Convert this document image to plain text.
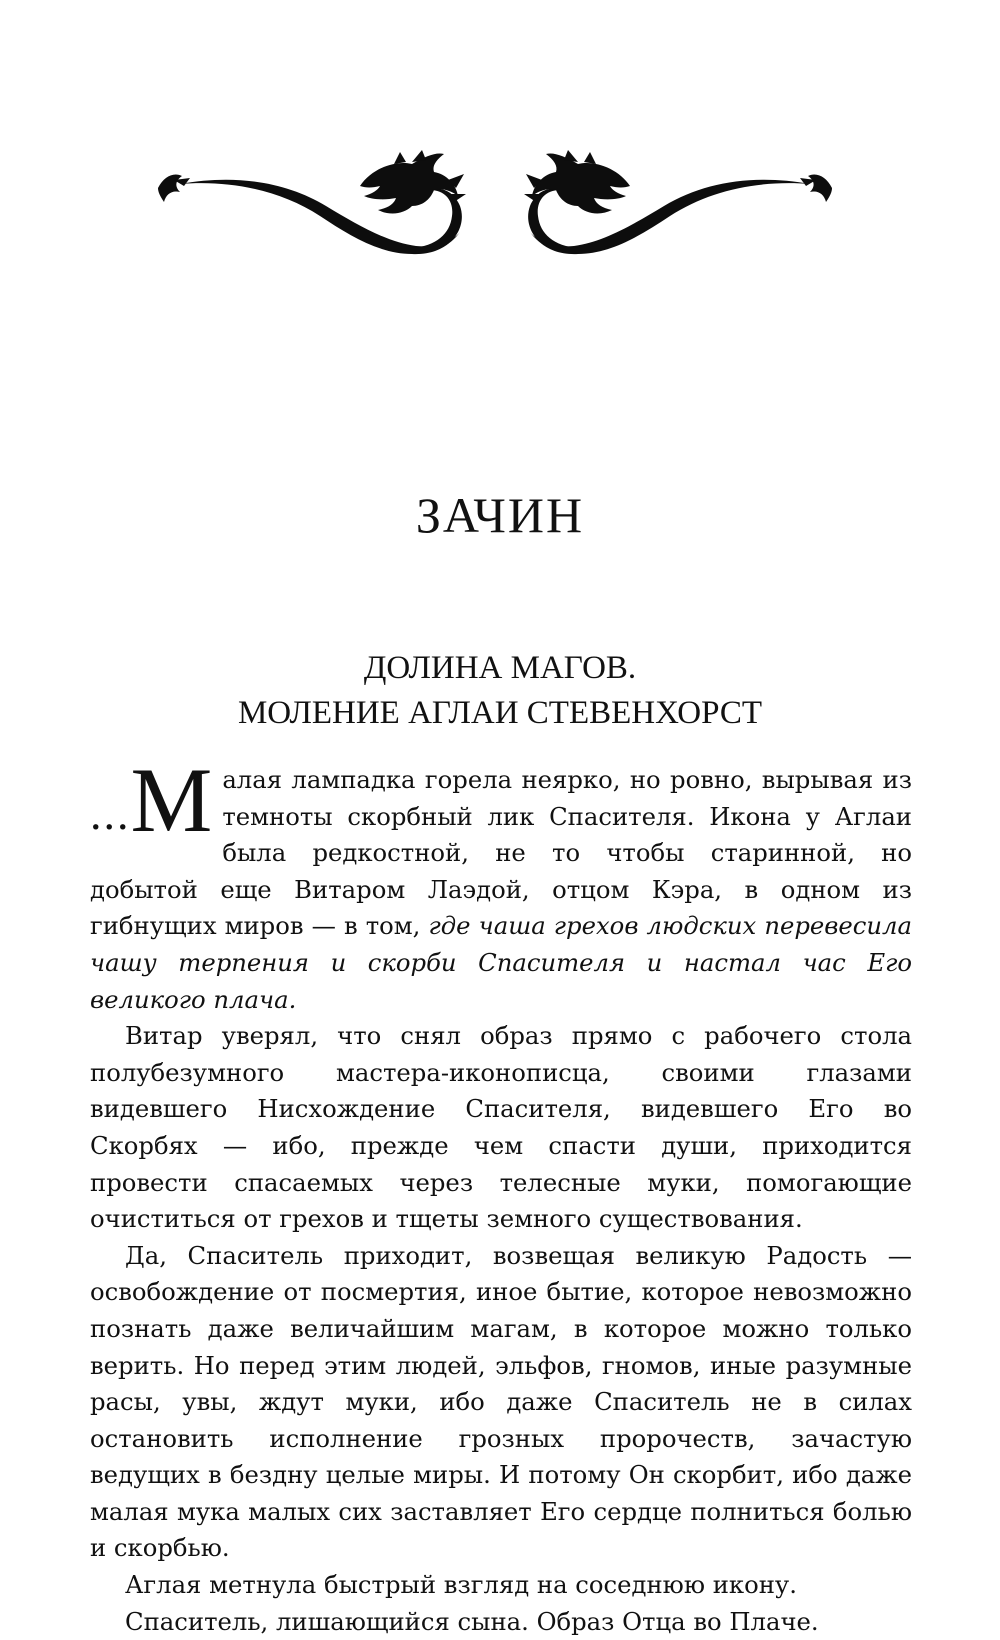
ЗАЧИН
ДОЛИНА МАГОВ.
МОЛЕНИЕ АГЛАИ СТЕВЕНХОРСТ

...М алая лампадка горела неярко, но ровно, вырывая из темноты скорбный лик Спасителя. Икона у Аглаи была редкостной, не то чтобы старинной, но добытой еще Витаром Лаэдой, отцом Кэра, в одном из гибнущих миров — в том, где чаша грехов людских перевесила чашу терпения и скорби Спасителя и настал час Его великого плача.

Витар уверял, что снял образ прямо с рабочего стола полубезумного мастера-иконописца, своими глазами видевшего Нисхождение Спасителя, видевшего Его во Скорбях — ибо, прежде чем спасти души, приходится провести спасаемых через телесные муки, помогающие очиститься от грехов и тщеты земного существования.

Да, Спаситель приходит, возвещая великую Радость — освобождение от посмертия, иное бытие, которое невозможно познать даже величайшим магам, в которое можно только верить. Но перед этим людей, эльфов, гномов, иные разумные расы, увы, ждут муки, ибо даже Спаситель не в силах остановить исполнение грозных пророчеств, зачастую ведущих в бездну целые миры. И потому Он скорбит, ибо даже малая мука малых сих заставляет Его сердце полниться болью и скорбью.

Аглая метнула быстрый взгляд на соседнюю икону.

Спаситель, лишающийся сына. Образ Отца во Плаче.
